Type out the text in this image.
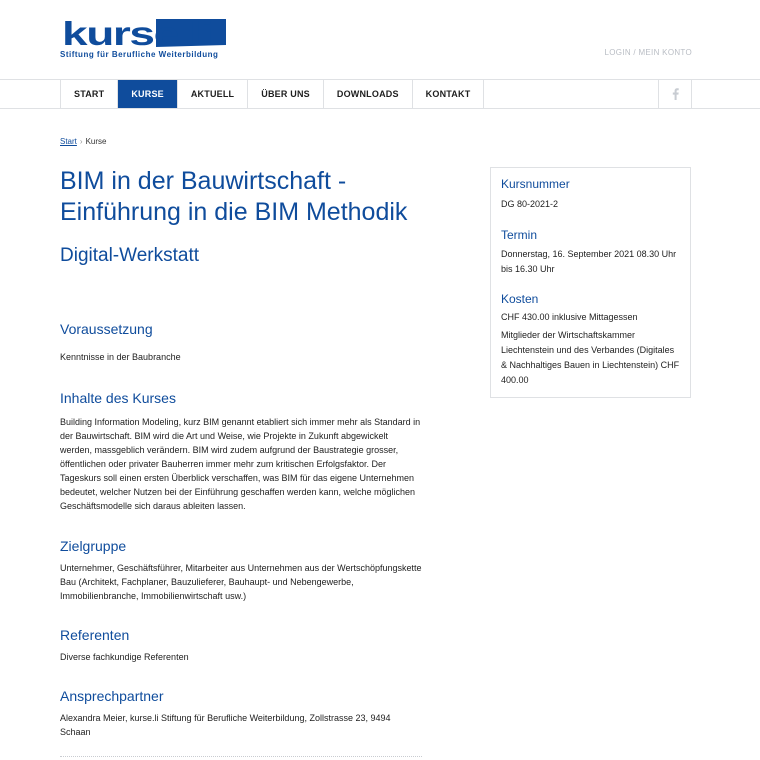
kurse.li
Stiftung für Berufliche Weiterbildung	LOGIN / MEIN KONTO
START	KURSE	AKTUELL	ÜBER UNS	DOWNLOADS	KONTAKT
Start › Kurse
BIM in der Bauwirtschaft - Einführung in die BIM Methodik
Digital-Werkstatt
Voraussetzung

Kenntnisse in der Baubranche

Inhalte des Kurses

Building Information Modeling, kurz BIM genannt etabliert sich immer mehr als Standard in der Bauwirtschaft. BIM wird die Art und Weise, wie Projekte in Zukunft abgewickelt werden, massgeblich verändern. BIM wird zudem aufgrund der Baustrategie grosser, öffentlichen oder privater Bauherren immer mehr zum kritischen Erfolgsfaktor. Der Tageskurs soll einen ersten Überblick verschaffen, was BIM für das eigene Unternehmen bedeutet, welcher Nutzen bei der Einführung geschaffen werden kann, welche möglichen Geschäftsmodelle sich daraus ableiten lassen.

Zielgruppe

Unternehmer, Geschäftsführer, Mitarbeiter aus Unternehmen aus der Wertschöpfungskette Bau (Architekt, Fachplaner, Bauzulieferer, Bauhaupt- und Nebengewerbe, Immobilienbranche, Immobilienwirtschaft usw.)

Referenten

Diverse fachkundige Referenten

Ansprechpartner

Alexandra Meier, kurse.li Stiftung für Berufliche Weiterbildung, Zollstrasse 23, 9494 Schaan

Kursnummer

DG 80-2021-2

Termin

Donnerstag, 16. September 2021 08.30 Uhr bis 16.30 Uhr

Kosten

CHF 430.00 inklusive Mittagessen

Mitglieder der Wirtschaftskammer Liechtenstein und des Verbandes (Digitales & Nachhaltiges Bauen in Liechtenstein) CHF 400.00
